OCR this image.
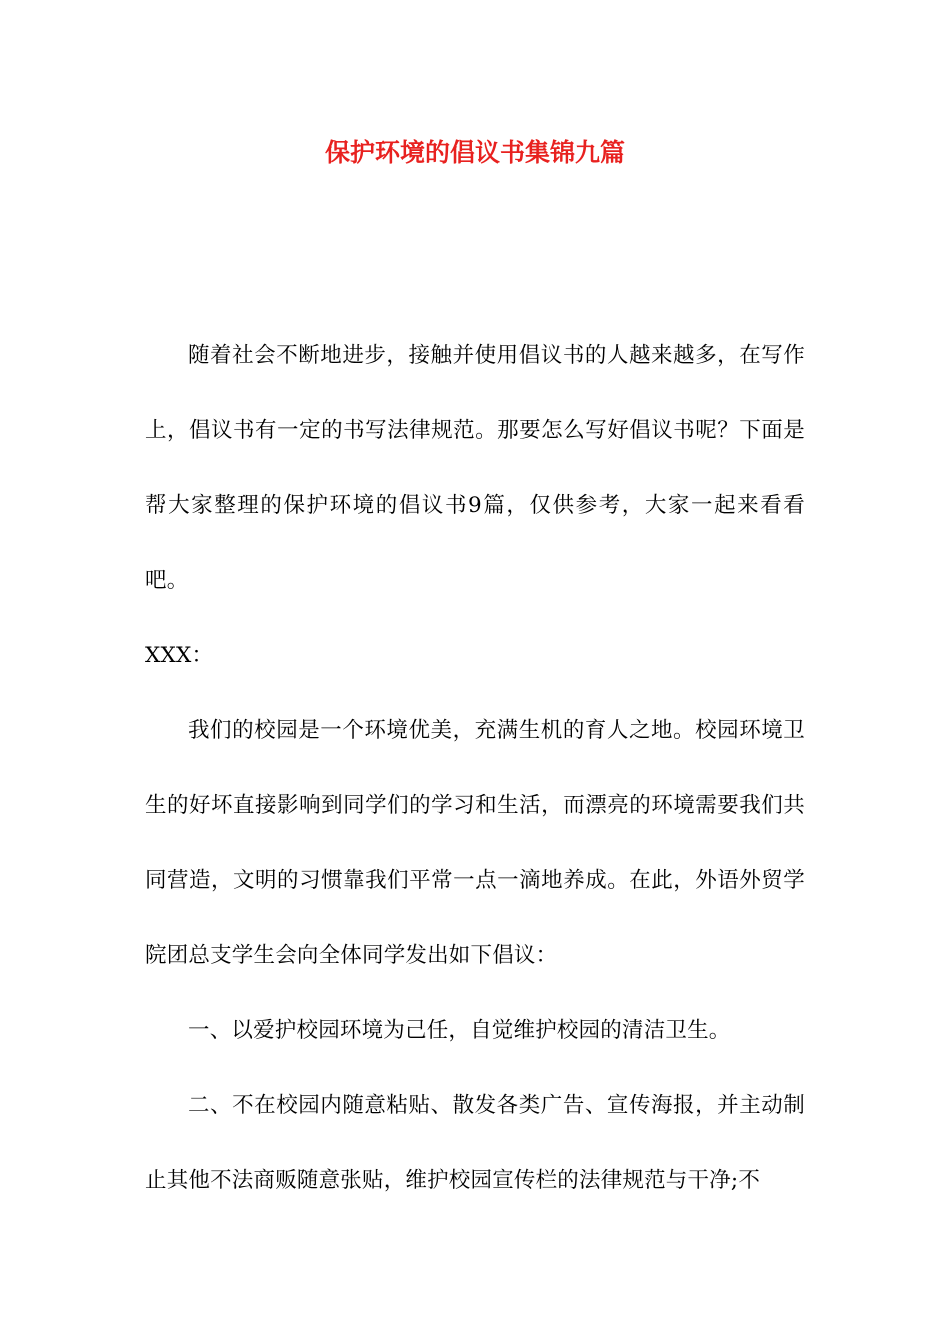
保护环境的倡议书集锦九篇

随着社会不断地进步，接触并使用倡议书的人越来越多，在写作上，倡议书有一定的书写法律规范。那要怎么写好倡议书呢？下面是帮大家整理的保护环境的倡议书9篇，仅供参考，大家一起来看看吧。

XXX：

我们的校园是一个环境优美，充满生机的育人之地。校园环境卫生的好坏直接影响到同学们的学习和生活，而漂亮的环境需要我们共同营造，文明的习惯靠我们平常一点一滴地养成。在此，外语外贸学院团总支学生会向全体同学发出如下倡议：

一、以爱护校园环境为己任，自觉维护校园的清洁卫生。

二、不在校园内随意粘贴、散发各类广告、宣传海报，并主动制止其他不法商贩随意张贴，维护校园宣传栏的法律规范与干净;不
